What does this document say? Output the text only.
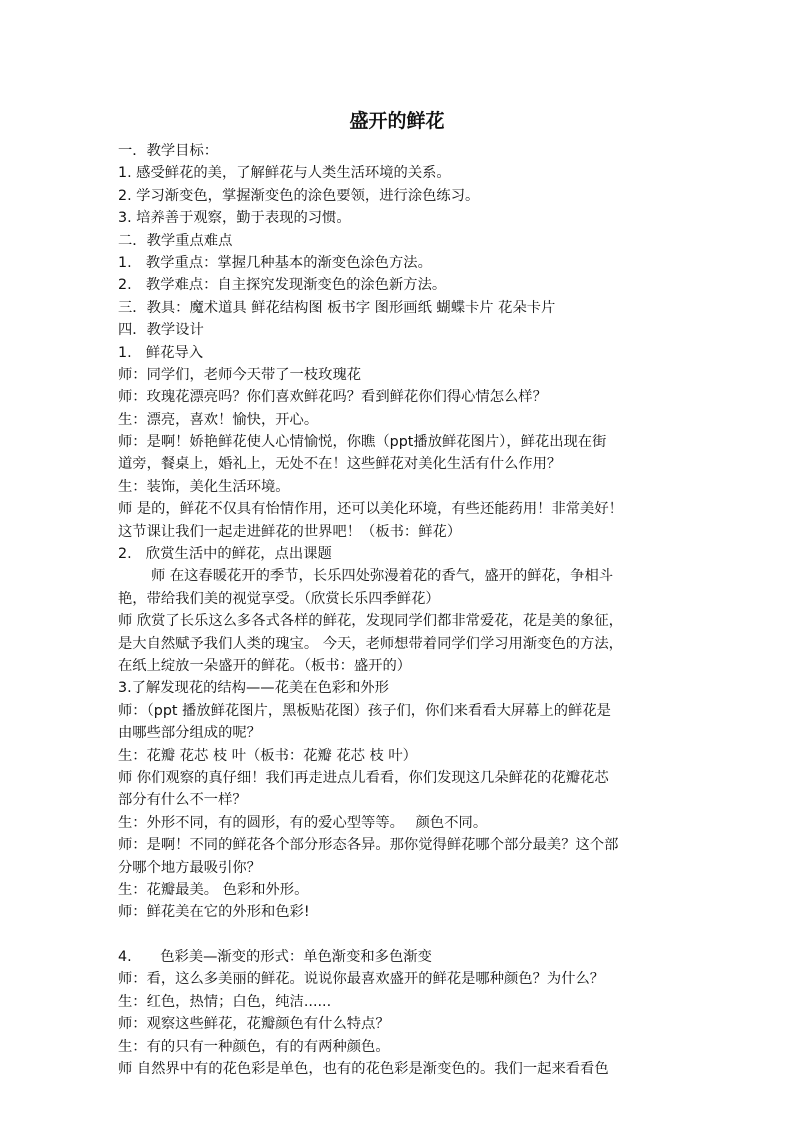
盛开的鲜花
一．教学目标：
1. 感受鲜花的美，了解鲜花与人类生活环境的关系。
2. 学习渐变色，掌握渐变色的涂色要领，进行涂色练习。
3. 培养善于观察，勤于表现的习惯。
二．教学重点难点
1.　教学重点：掌握几种基本的渐变色涂色方法。
2.　教学难点：自主探究发现渐变色的涂色新方法。
三．教具：魔术道具 鲜花结构图 板书字 图形画纸 蝴蝶卡片 花朵卡片
四．教学设计
1.　鲜花导入
师：同学们，老师今天带了一枝玫瑰花
师：玫瑰花漂亮吗？你们喜欢鲜花吗？看到鲜花你们得心情怎么样？
生：漂亮，喜欢！愉快，开心。
师：是啊！娇艳鲜花使人心情愉悦，你瞧（ppt播放鲜花图片），鲜花出现在街
道旁，餐桌上，婚礼上，无处不在！这些鲜花对美化生活有什么作用？
生：装饰，美化生活环境。
师 是的，鲜花不仅具有怡情作用，还可以美化环境，有些还能药用！非常美好！
这节课让我们一起走进鲜花的世界吧！（板书：鲜花）
2.　欣赏生活中的鲜花，点出课题
师 在这春暖花开的季节，长乐四处弥漫着花的香气，盛开的鲜花，争相斗
艳，带给我们美的视觉享受。（欣赏长乐四季鲜花）
师 欣赏了长乐这么多各式各样的鲜花，发现同学们都非常爱花，花是美的象征，
是大自然赋予我们人类的瑰宝。 今天，老师想带着同学们学习用渐变色的方法，
在纸上绽放一朵盛开的鲜花。（板书：盛开的）
3.了解发现花的结构——花美在色彩和外形
师：（ppt 播放鲜花图片，黑板贴花图）孩子们，你们来看看大屏幕上的鲜花是
由哪些部分组成的呢？
生：花瓣 花芯 枝 叶（板书：花瓣 花芯 枝 叶）
师 你们观察的真仔细！我们再走进点儿看看，你们发现这几朵鲜花的花瓣花芯
部分有什么不一样？
生：外形不同，有的圆形，有的爱心型等等。　 颜色不同。
师：是啊！不同的鲜花各个部分形态各异。那你觉得鲜花哪个部分最美？这个部
分哪个地方最吸引你？
生：花瓣最美。 色彩和外形。
师：鲜花美在它的外形和色彩!
4.　　色彩美—渐变的形式：单色渐变和多色渐变
师：看，这么多美丽的鲜花。说说你最喜欢盛开的鲜花是哪种颜色？为什么？
生：红色，热情；白色，纯洁......
师：观察这些鲜花，花瓣颜色有什么特点？
生：有的只有一种颜色，有的有两种颜色。
师 自然界中有的花色彩是单色，也有的花色彩是渐变色的。我们一起来看看色
